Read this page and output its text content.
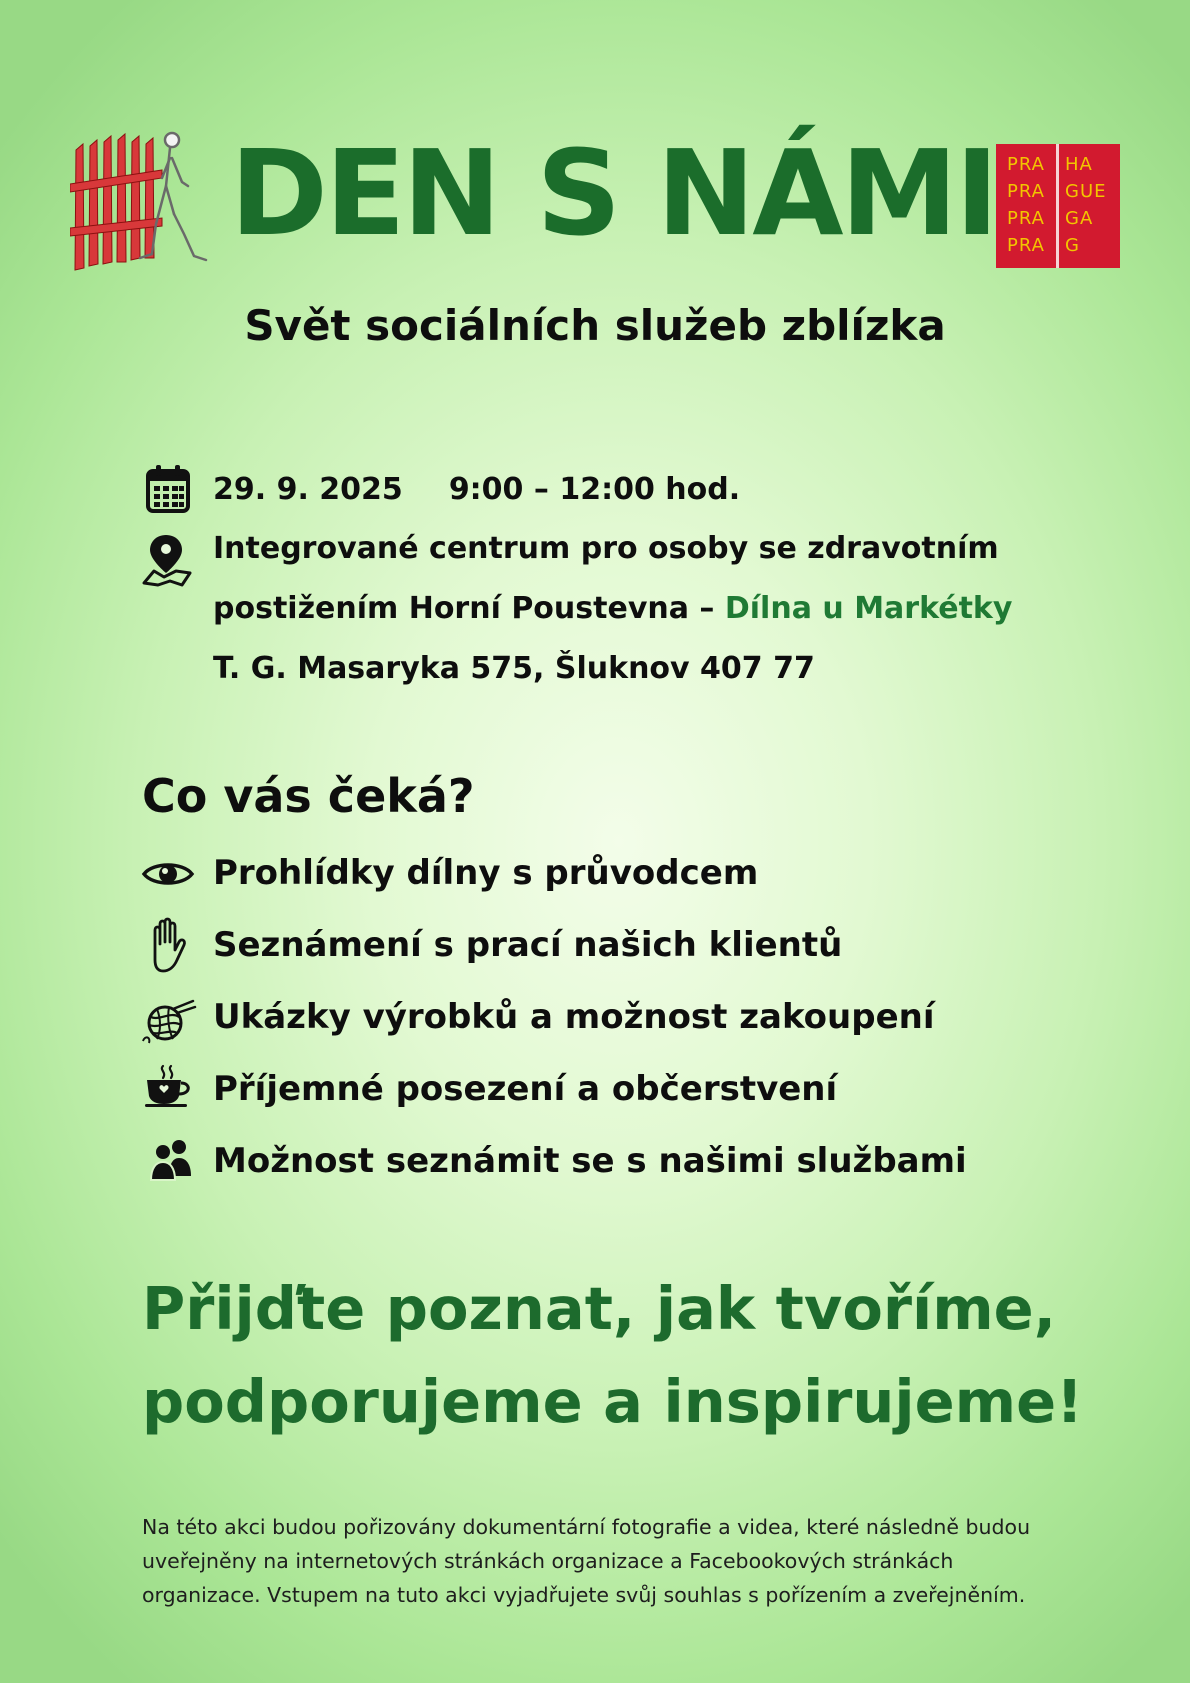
DEN S NÁMI PRA
PRA
PRA
PRA
HA
GUE
GA
G
Svět sociálních služeb zblízka
29. 9. 2025 9:00 – 12:00 hod.
Integrované centrum pro osoby se zdravotním
postižením Horní Poustevna – Dílna u Markétky
T. G. Masaryka 575, Šluknov 407 77
Co vás čeká?
Prohlídky dílny s průvodcem
Seznámení s prací našich klientů
Ukázky výrobků a možnost zakoupení
Příjemné posezení a občerstvení
Možnost seznámit se s našimi službami
Přijďte poznat, jak tvoříme,
podporujeme a inspirujeme!
Na této akci budou pořizovány dokumentární fotografie a videa, které následně budou
uveřejněny na internetových stránkách organizace a Facebookových stránkách
organizace. Vstupem na tuto akci vyjadřujete svůj souhlas s pořízením a zveřejněním.
